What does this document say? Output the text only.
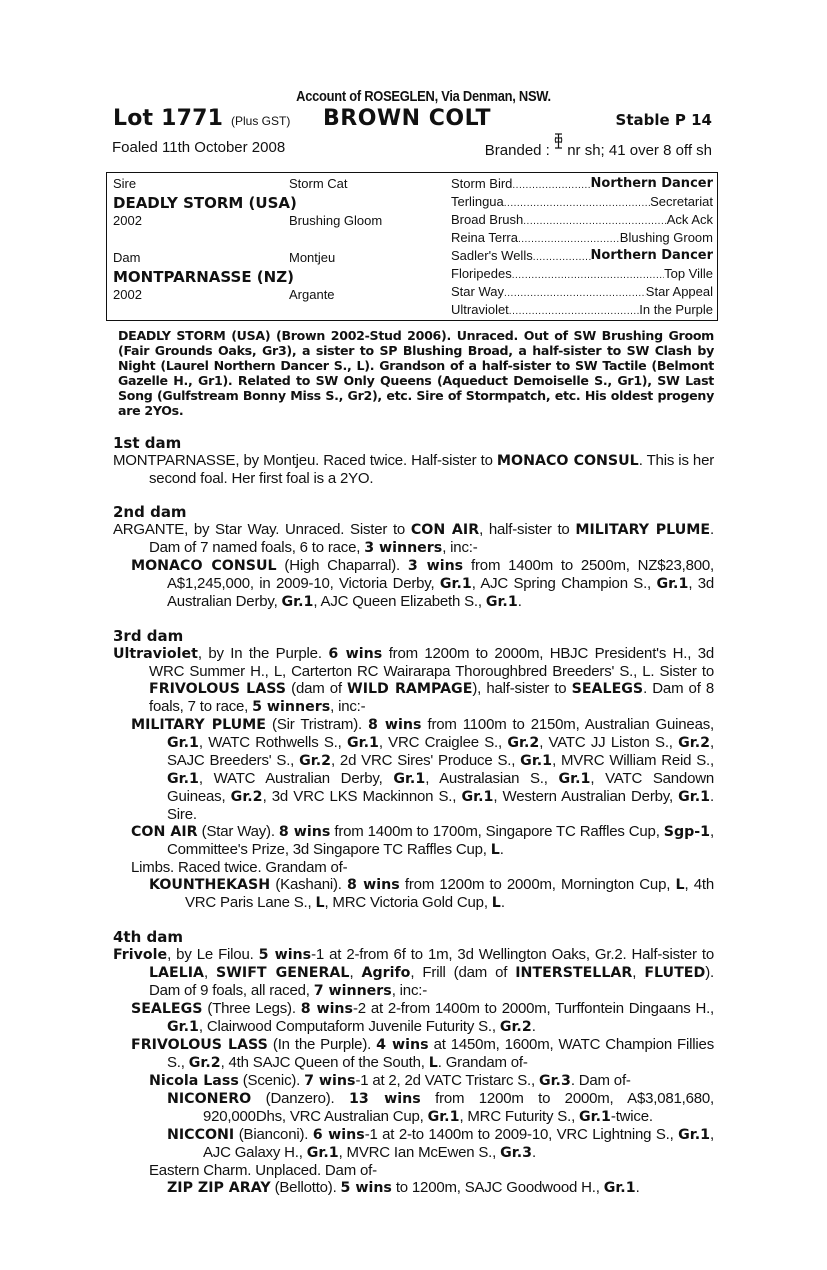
Account of ROSEGLEN, Via Denman, NSW.
Lot 1771 (Plus GST) BROWN COLT	Stable P 14
Foaled 11th October 2008	Branded : nr sh; 41 over 8 off sh
Sire	Storm Cat
DEADLY STORM (USA)
2002	Brushing Gloom
Dam	Montjeu
MONTPARNASSE (NZ)
2002	Argante
Storm Bird .....	Northern Dancer
Terlingua .....	Secretariat
Broad Brush .....	Ack Ack
Reina Terra .....	Blushing Groom
Sadler's Wells .....	Northern Dancer
Floripedes .....	Top Ville
Star Way .....	Star Appeal
Ultraviolet .....	In the Purple
DEADLY STORM (USA) (Brown 2002-Stud 2006). Unraced. Out of SW Brushing Groom (Fair Grounds Oaks, Gr3), a sister to SP Blushing Broad, a half-sister to SW Clash by Night (Laurel Northern Dancer S., L). Grandson of a half-sister to SW Tactile (Belmont Gazelle H., Gr1). Related to SW Only Queens (Aqueduct Demoiselle S., Gr1), SW Last Song (Gulfstream Bonny Miss S., Gr2), etc. Sire of Stormpatch, etc. His oldest progeny are 2YOs.
1st dam
MONTPARNASSE, by Montjeu. Raced twice. Half-sister to MONACO CONSUL. This is her second foal. Her first foal is a 2YO.
2nd dam
ARGANTE, by Star Way. Unraced. Sister to CON AIR, half-sister to MILITARY PLUME. Dam of 7 named foals, 6 to race, 3 winners, inc:-
MONACO CONSUL (High Chaparral). 3 wins from 1400m to 2500m, NZ$23,800, A$1,245,000, in 2009-10, Victoria Derby, Gr.1, AJC Spring Champion S., Gr.1, 3d Australian Derby, Gr.1, AJC Queen Elizabeth S., Gr.1.
3rd dam
Ultraviolet, by In the Purple. 6 wins from 1200m to 2000m, HBJC President's H., 3d WRC Summer H., L, Carterton RC Wairarapa Thoroughbred Breeders' S., L. Sister to FRIVOLOUS LASS (dam of WILD RAMPAGE), half-sister to SEALEGS. Dam of 8 foals, 7 to race, 5 winners, inc:-
MILITARY PLUME (Sir Tristram). 8 wins from 1100m to 2150m, Australian Guineas, Gr.1, WATC Rothwells S., Gr.1, VRC Craiglee S., Gr.2, VATC JJ Liston S., Gr.2, SAJC Breeders' S., Gr.2, 2d VRC Sires' Produce S., Gr.1, MVRC William Reid S., Gr.1, WATC Australian Derby, Gr.1, Australasian S., Gr.1, VATC Sandown Guineas, Gr.2, 3d VRC LKS Mackinnon S., Gr.1, Western Australian Derby, Gr.1. Sire.
CON AIR (Star Way). 8 wins from 1400m to 1700m, Singapore TC Raffles Cup, Sgp-1, Committee's Prize, 3d Singapore TC Raffles Cup, L.
Limbs. Raced twice. Grandam of-
KOUNTHEKASH (Kashani). 8 wins from 1200m to 2000m, Mornington Cup, L, 4th VRC Paris Lane S., L, MRC Victoria Gold Cup, L.
4th dam
Frivole, by Le Filou. 5 wins-1 at 2-from 6f to 1m, 3d Wellington Oaks, Gr.2. Half-sister to LAELIA, SWIFT GENERAL, Agrifo, Frill (dam of INTERSTELLAR, FLUTED). Dam of 9 foals, all raced, 7 winners, inc:-
SEALEGS (Three Legs). 8 wins-2 at 2-from 1400m to 2000m, Turffontein Dingaans H., Gr.1, Clairwood Computaform Juvenile Futurity S., Gr.2.
FRIVOLOUS LASS (In the Purple). 4 wins at 1450m, 1600m, WATC Champion Fillies S., Gr.2, 4th SAJC Queen of the South, L. Grandam of-
Nicola Lass (Scenic). 7 wins-1 at 2, 2d VATC Tristarc S., Gr.3. Dam of-
NICONERO (Danzero). 13 wins from 1200m to 2000m, A$3,081,680, 920,000Dhs, VRC Australian Cup, Gr.1, MRC Futurity S., Gr.1-twice.
NICCONI (Bianconi). 6 wins-1 at 2-to 1400m to 2009-10, VRC Lightning S., Gr.1, AJC Galaxy H., Gr.1, MVRC Ian McEwen S., Gr.3.
Eastern Charm. Unplaced. Dam of-
ZIP ZIP ARAY (Bellotto). 5 wins to 1200m, SAJC Goodwood H., Gr.1.
